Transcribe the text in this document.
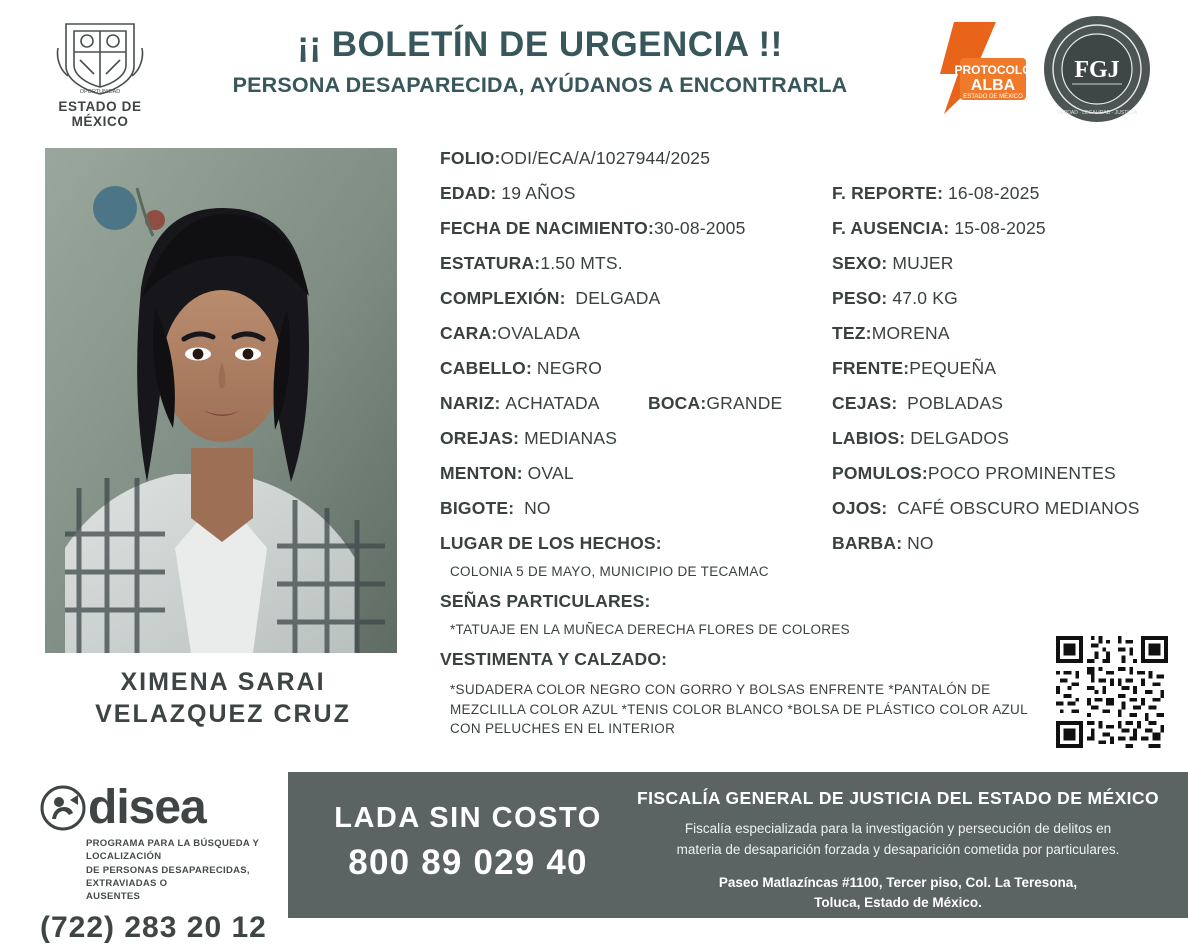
OPORTUNIDAD
ESTADO DE MÉXICO
¡¡ BOLETÍN DE URGENCIA !!
PERSONA DESAPARECIDA, AYÚDANOS A ENCONTRARLA
PROTOCOLO
ALBA
ESTADO DE MÉXICO
FGJ
VERDAD · LEGALIDAD · JUSTICIA
XIMENA SARAI
VELAZQUEZ CRUZ
FOLIO:ODI/ECA/A/1027944/2025
EDAD: 19 AÑOS	F. REPORTE: 16-08-2025
FECHA DE NACIMIENTO:30-08-2005	F. AUSENCIA: 15-08-2025
ESTATURA:1.50 MTS.	SEXO: MUJER
COMPLEXIÓN: DELGADA	PESO: 47.0 KG
CARA:OVALADA	TEZ:MORENA
CABELLO: NEGRO	FRENTE:PEQUEÑA
NARIZ: ACHATADA	BOCA:GRANDE	CEJAS: POBLADAS
OREJAS: MEDIANAS	LABIOS: DELGADOS
MENTON: OVAL	POMULOS:POCO PROMINENTES
BIGOTE: NO	OJOS: CAFÉ OBSCURO MEDIANOS
LUGAR DE LOS HECHOS:
COLONIA 5 DE MAYO, MUNICIPIO DE TECAMAC
BARBA: NO
SEÑAS PARTICULARES:
*TATUAJE EN LA MUÑECA DERECHA FLORES DE COLORES
VESTIMENTA Y CALZADO:
*SUDADERA COLOR NEGRO CON GORRO Y BOLSAS ENFRENTE *PANTALÓN DE MEZCLILLA COLOR AZUL *TENIS COLOR BLANCO *BOLSA DE PLÁSTICO COLOR AZUL CON PELUCHES EN EL INTERIOR
disea
PROGRAMA PARA LA BÚSQUEDA Y LOCALIZACIÓN
DE PERSONAS DESAPARECIDAS, EXTRAVIADAS O
AUSENTES
(722) 283 20 12
LADA SIN COSTO
800 89 029 40
FISCALÍA GENERAL DE JUSTICIA DEL ESTADO DE MÉXICO
Fiscalía especializada para la investigación y persecución de delitos en
materia de desaparición forzada y desaparición cometida por particulares.
Paseo Matlazíncas #1100, Tercer piso, Col. La Teresona,
Toluca, Estado de México.
